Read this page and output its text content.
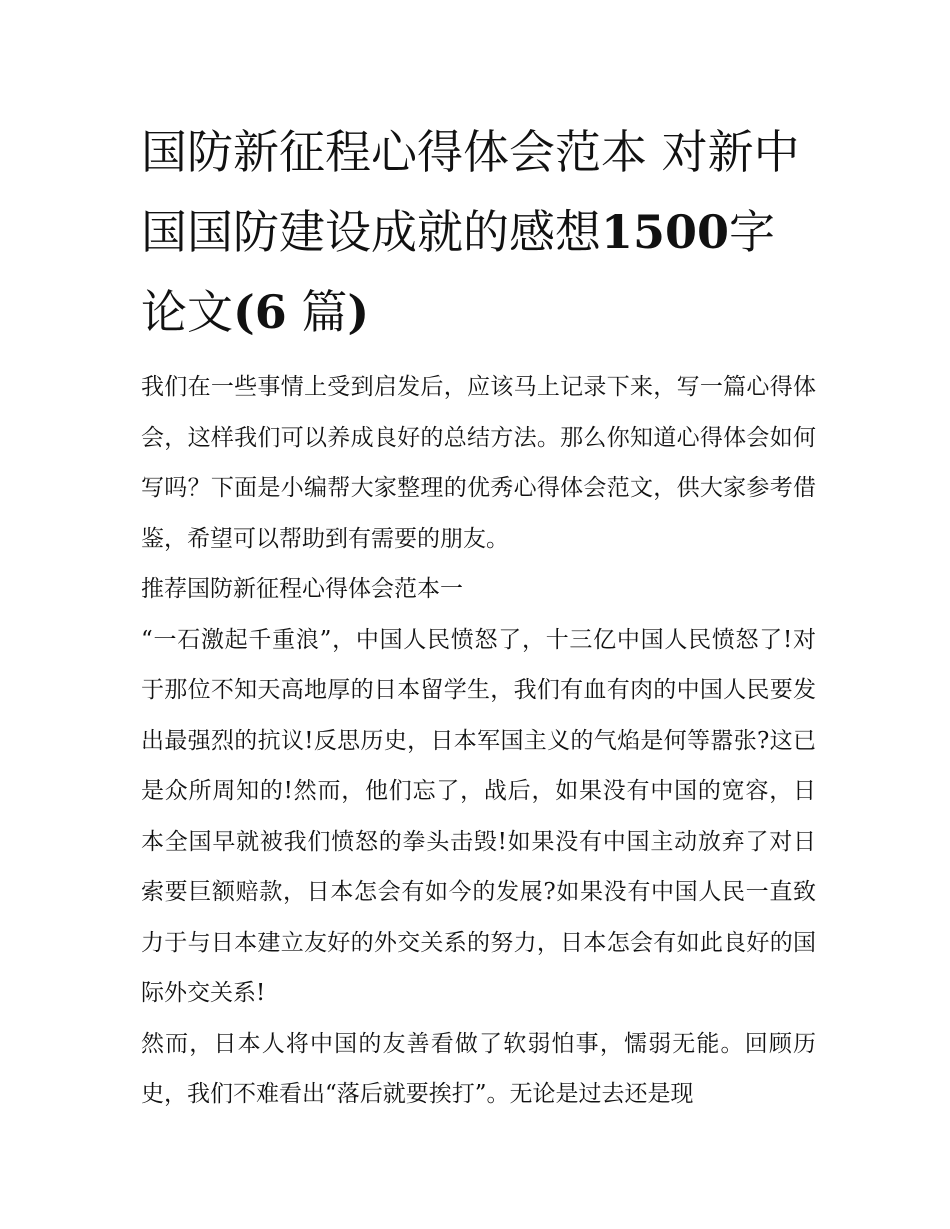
国防新征程心得体会范本 对新中国国防建设成就的感想1500字论文(6 篇)

我们在一些事情上受到启发后，应该马上记录下来，写一篇心得体会，这样我们可以养成良好的总结方法。那么你知道心得体会如何写吗？下面是小编帮大家整理的优秀心得体会范文，供大家参考借鉴，希望可以帮助到有需要的朋友。

推荐国防新征程心得体会范本一

“一石激起千重浪”，中国人民愤怒了，十三亿中国人民愤怒了!对于那位不知天高地厚的日本留学生，我们有血有肉的中国人民要发出最强烈的抗议!反思历史，日本军国主义的气焰是何等嚣张?这已是众所周知的!然而，他们忘了，战后，如果没有中国的宽容，日本全国早就被我们愤怒的拳头击毁!如果没有中国主动放弃了对日索要巨额赔款，日本怎会有如今的发展?如果没有中国人民一直致力于与日本建立友好的外交关系的努力，日本怎会有如此良好的国际外交关系!

然而，日本人将中国的友善看做了软弱怕事，懦弱无能。回顾历史，我们不难看出“落后就要挨打”。无论是过去还是现
